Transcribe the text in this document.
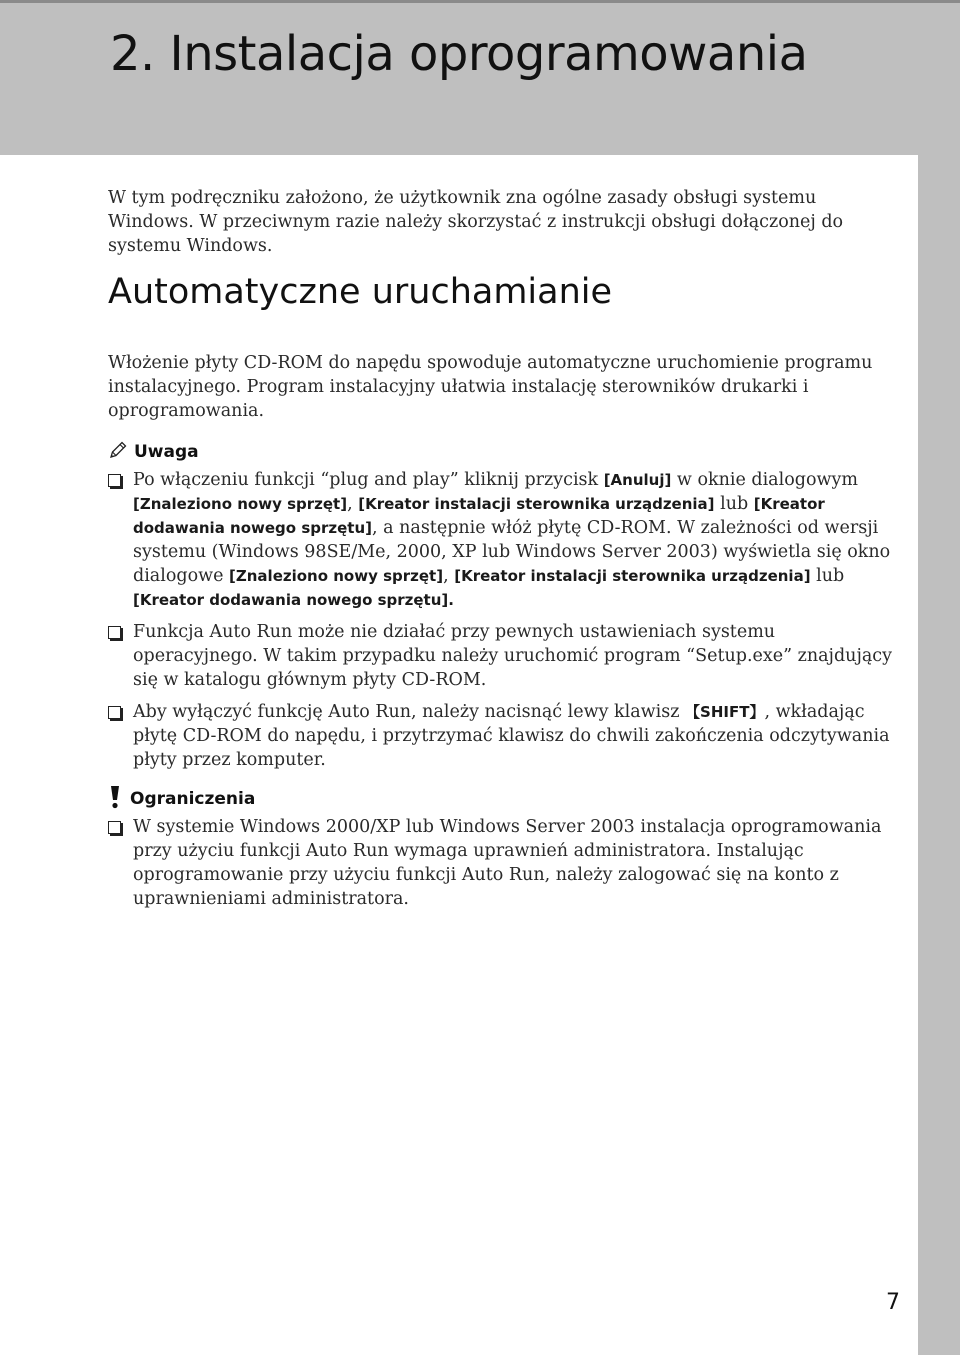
2. Instalacja oprogramowania

W tym podręczniku założono, że użytkownik zna ogólne zasady obsługi systemu Windows. W przeciwnym razie należy skorzystać z instrukcji obsługi dołączonej do systemu Windows.

Automatyczne uruchamianie

Włożenie płyty CD-ROM do napędu spowoduje automatyczne uruchomienie programu instalacyjnego. Program instalacyjny ułatwia instalację sterowników drukarki i oprogramowania.

Uwaga
Po włączeniu funkcji “plug and play” kliknij przycisk [Anuluj] w oknie dialogowym [Znaleziono nowy sprzęt], [Kreator instalacji sterownika urządzenia] lub [Kreator dodawania nowego sprzętu], a następnie włóż płytę CD-ROM. W zależności od wersji systemu (Windows 98SE/Me, 2000, XP lub Windows Server 2003) wyświetla się okno dialogowe [Znaleziono nowy sprzęt], [Kreator instalacji sterownika urządzenia] lub [Kreator dodawania nowego sprzętu].
Funkcja Auto Run może nie działać przy pewnych ustawieniach systemu operacyjnego. W takim przypadku należy uruchomić program “Setup.exe” znajdujący się w katalogu głównym płyty CD-ROM.
Aby wyłączyć funkcję Auto Run, należy nacisnąć lewy klawisz 【SHIFT】, wkładając płytę CD-ROM do napędu, i przytrzymać klawisz do chwili zakończenia odczytywania płyty przez komputer.
Ograniczenia
W systemie Windows 2000/XP lub Windows Server 2003 instalacja oprogramowania przy użyciu funkcji Auto Run wymaga uprawnień administratora. Instalując oprogramowanie przy użyciu funkcji Auto Run, należy zalogować się na konto z uprawnieniami administratora.
7
